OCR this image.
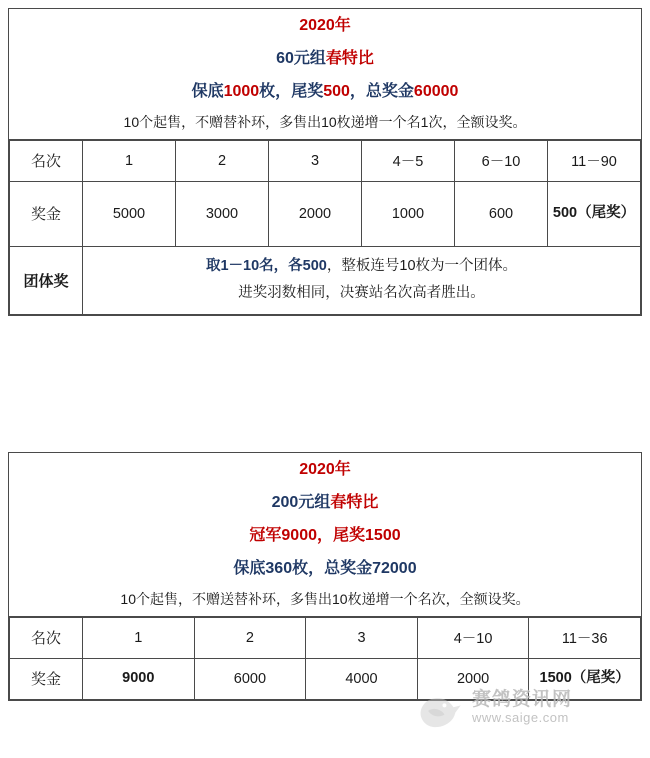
2020年
60元组春特比
保底1000枚，尾奖500，总奖金60000
10个起售，不赠替补环，多售出10枚递增一个名1次，全额设奖。
名次	1	2	3	4－5	6－10	11－90
奖金	5000	3000	2000	1000	600	500（尾奖）
团体奖	取1－10名，各500，整板连号10枚为一个团体。
进奖羽数相同，决赛站名次高者胜出。					
2020年
200元组春特比
冠军9000，尾奖1500
保底360枚，总奖金72000
10个起售，不赠送替补环，多售出10枚递增一个名次，全额设奖。
名次	1	2	3	4－10	11－36
奖金	9000	6000	4000	2000	1500（尾奖）
赛鸽资讯网
www.saige.com
